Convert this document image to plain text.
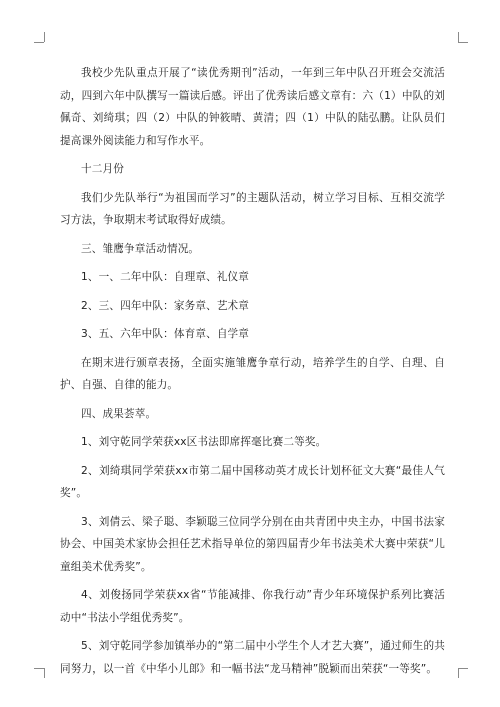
我校少先队重点开展了“读优秀期刊”活动，一年到三年中队召开班会交流活动，四到六年中队撰写一篇读后感。评出了优秀读后感文章有：六（1）中队的刘佩奇、刘绮琪；四（2）中队的钟筱晴、黄清；四（1）中队的陆弘鹏。让队员们提高课外阅读能力和写作水平。

十二月份

我们少先队举行“为祖国而学习”的主题队活动，树立学习目标、互相交流学习方法，争取期末考试取得好成绩。

三、雏鹰争章活动情况。

1、一、二年中队：自理章、礼仪章

2、三、四年中队：家务章、艺术章

3、五、六年中队：体育章、自学章

在期末进行颁章表扬，全面实施雏鹰争章行动，培养学生的自学、自理、自护、自强、自律的能力。

四、成果荟萃。

1、刘守乾同学荣获xx区书法即席挥毫比赛二等奖。

2、刘绮琪同学荣获xx市第二届中国移动英才成长计划杯征文大赛“最佳人气奖”。

3、刘倩云、梁子聪、李颖聪三位同学分别在由共青团中央主办，中国书法家协会、中国美术家协会担任艺术指导单位的第四届青少年书法美术大赛中荣获“儿童组美术优秀奖”。

4、刘俊扬同学荣获xx省“节能减排、你我行动”青少年环境保护系列比赛活动中“书法小学组优秀奖”。

5、刘守乾同学参加镇举办的“第二届中小学生个人才艺大赛”，通过师生的共同努力，以一首《中华小儿郎》和一幅书法“龙马精神”脱颖而出荣获“一等奖”。
